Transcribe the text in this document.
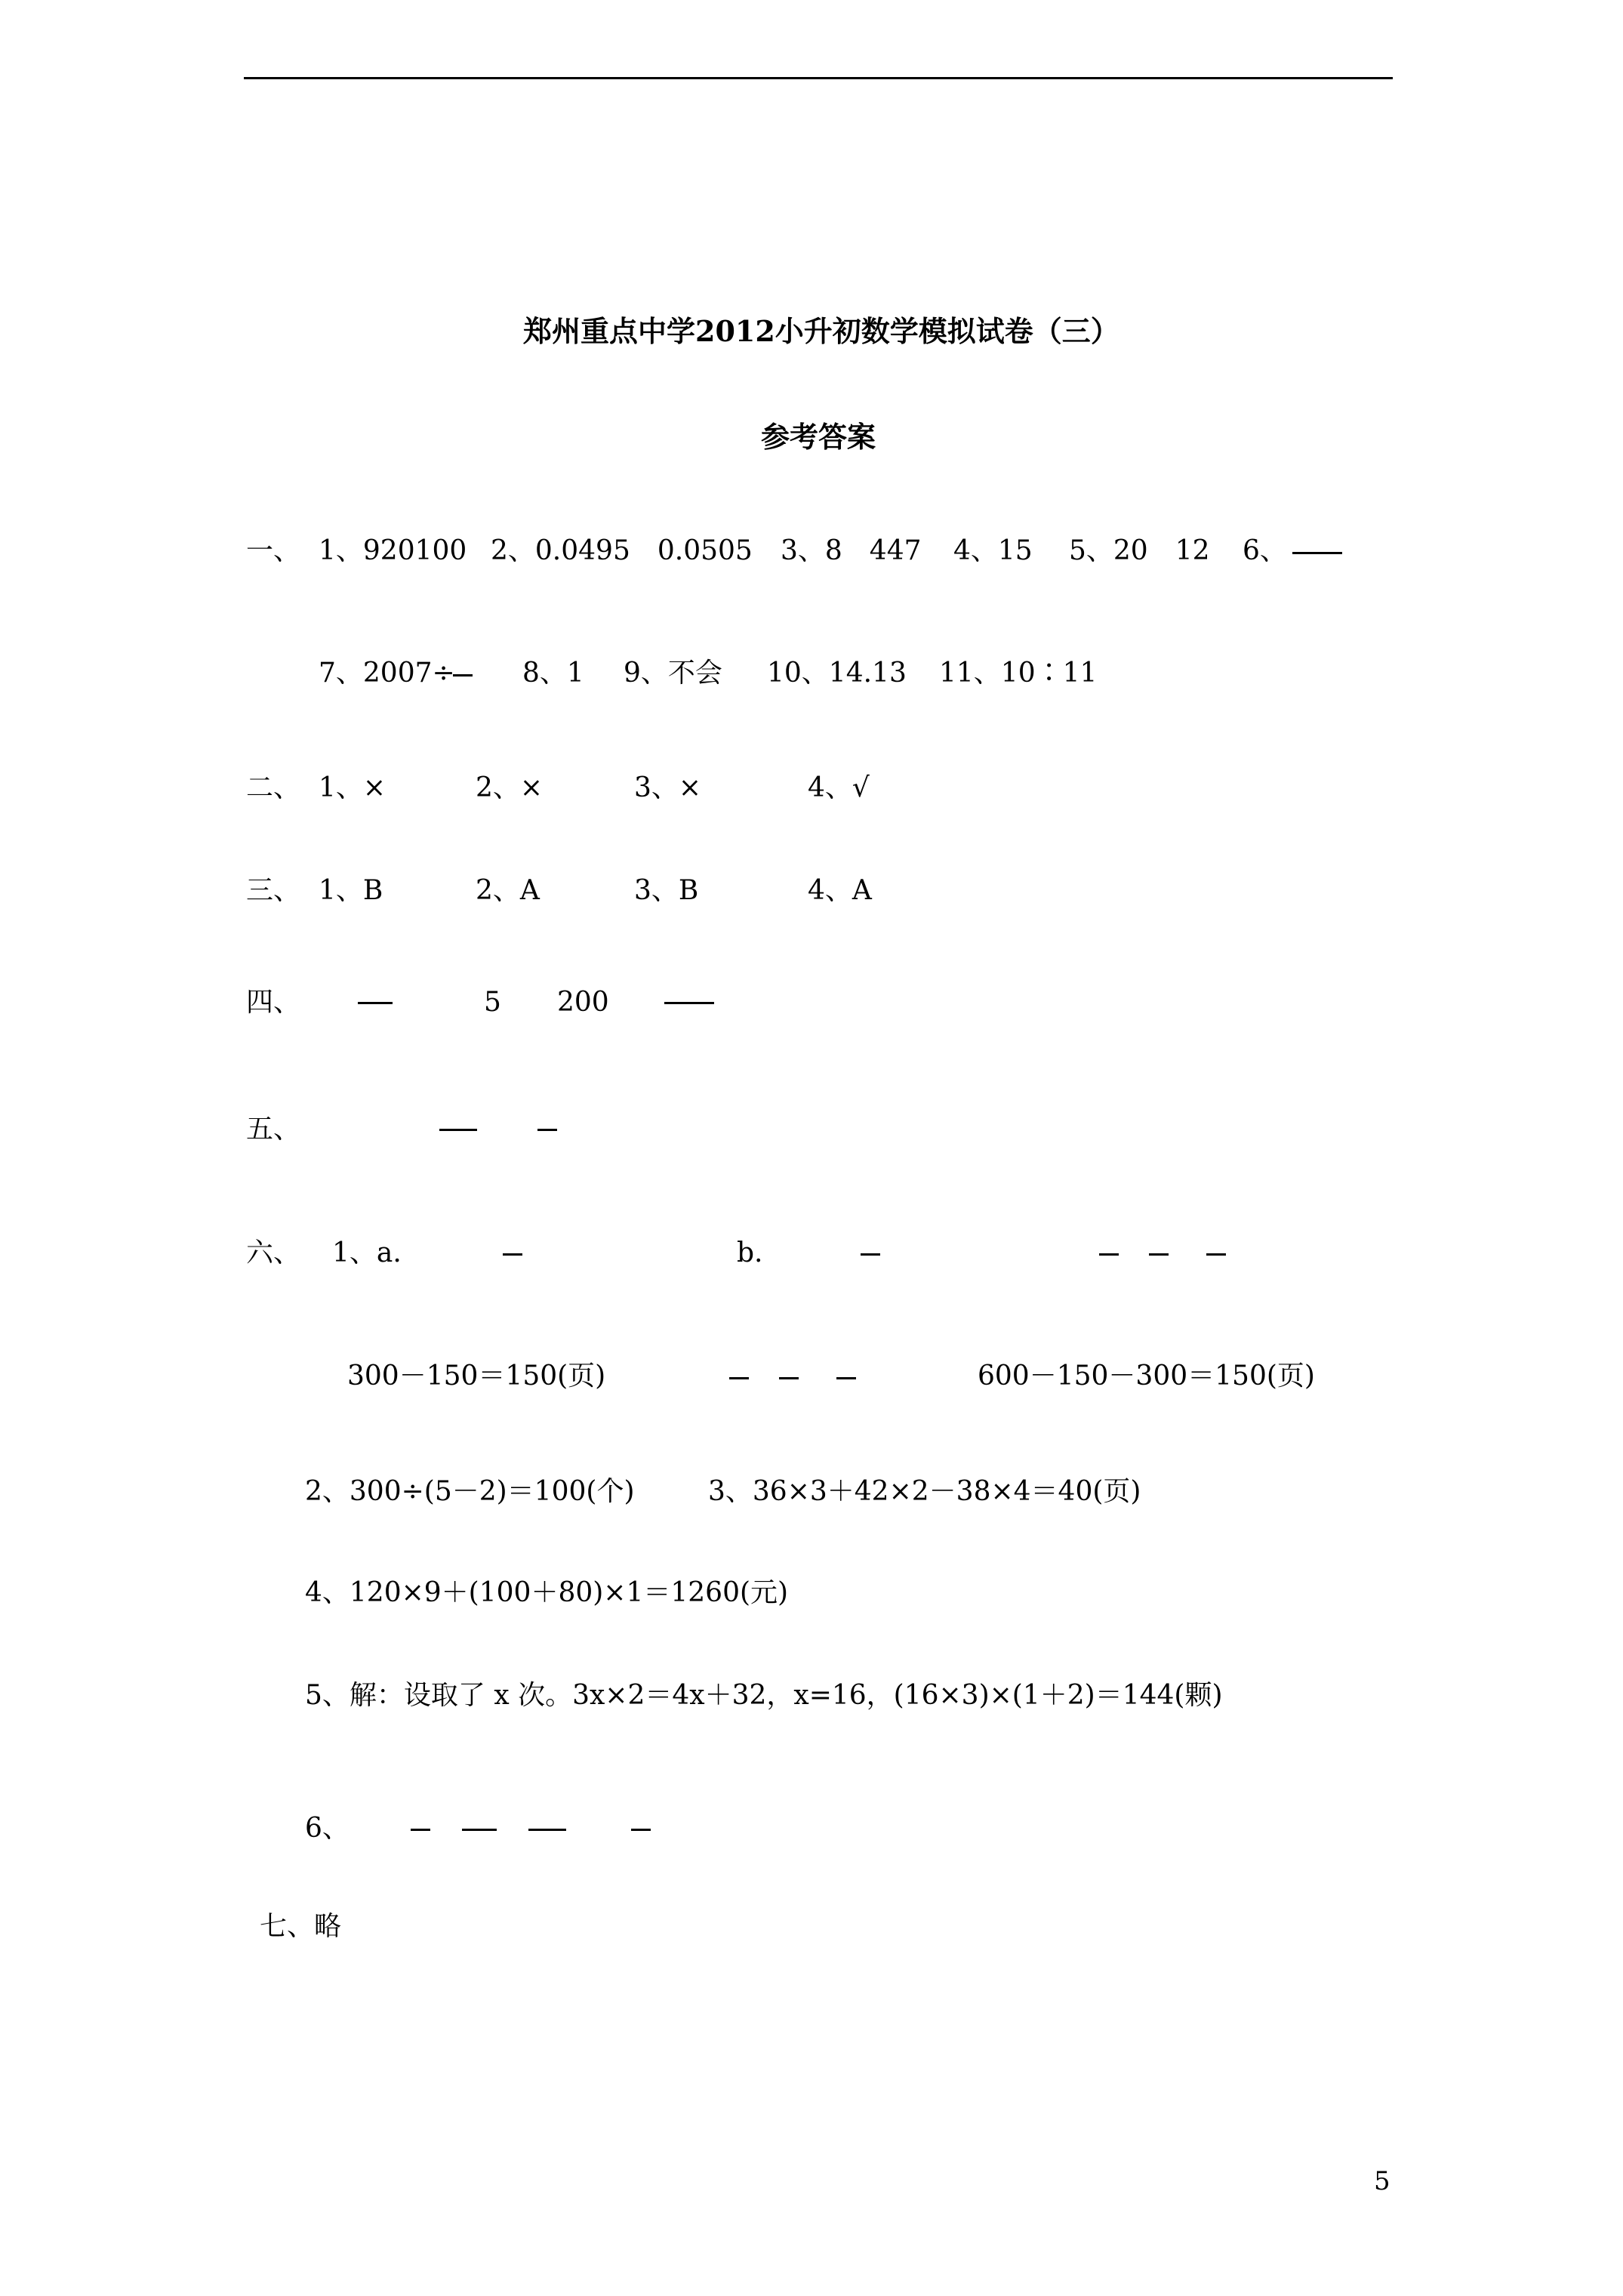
郑州重点中学2012小升初数学模拟试卷（三）
参考答案
一、 1、920100 2、0.0495　0.0505 3、8　447 4、15 5、20　12 6、
7、2007÷ 8、1 9、不会 10、14.13 11、10∶11
二、 1、×	2、×	3、×	4、√
三、 1、B	2、A	3、B	4、A
四、	5 200
五、
六、 1、a.	b.
300－150＝150(页)	600－150－300＝150(页)
2、300÷(5－2)＝100(个)	3、36×3＋42×2－38×4＝40(页)
4、120×9＋(100＋80)×1＝1260(元)
5、解：设取了 x 次。3x×2＝4x＋32，x=16，(16×3)×(1＋2)＝144(颗)
6、
七、略
5
